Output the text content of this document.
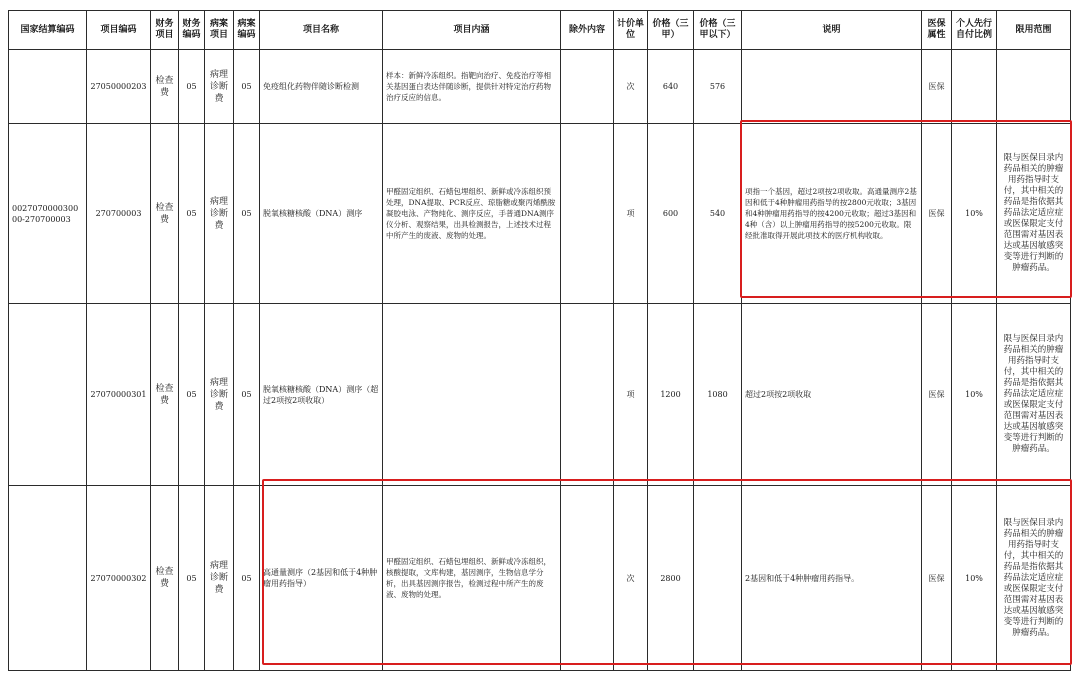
国家结算编码	项目编码	财务项目	财务编码	病案项目	病案编码	项目名称	项目内涵	除外内容	计价单位	价格（三甲）	价格（三甲以下）	说明	医保属性	个人先行自付比例	限用范围
	27050000203	检查费	05	病理诊断费	05	免疫组化药物伴随诊断检测	样本：新鲜冷冻组织。指靶向治疗、免疫治疗等相关基因蛋白表达伴随诊断，提供针对特定治疗药物治疗反应的信息。		次	640	576		医保		
002707000030000-270700003	270700003	检查费	05	病理诊断费	05	脱氧核糖核酸（DNA）测序	甲醛固定组织、石蜡包埋组织、新鲜或冷冻组织预处理，DNA提取、PCR反应、琼脂糖或聚丙烯酰胺凝胶电泳、产物纯化、测序反应，手普通DNA测序仪分析、观察结果，出具检测报告，上述技术过程中所产生的废液、废物的处理。		项	600	540	项指一个基因，超过2项按2项收取。高通量测序2基因和低于4种肿瘤用药指导的按2800元收取；3基因和4种肿瘤用药指导的按4200元收取；超过3基因和4种（含）以上肿瘤用药指导的按5200元收取。限经批准取得开展此项技术的医疗机构收取。	医保	10%	限与医保目录内药品相关的肿瘤用药指导时支付，其中相关的药品是指依据其药品法定适应症或医保限定支付范围需对基因表达或基因敏感突变等进行判断的肿瘤药品。
	27070000301	检查费	05	病理诊断费	05	脱氧核糖核酸（DNA）测序（超过2项按2项收取）			项	1200	1080	超过2项按2项收取	医保	10%	限与医保目录内药品相关的肿瘤用药指导时支付，其中相关的药品是指依据其药品法定适应症或医保限定支付范围需对基因表达或基因敏感突变等进行判断的肿瘤药品。
	27070000302	检查费	05	病理诊断费	05	高通量测序（2基因和低于4种肿瘤用药指导）	甲醛固定组织、石蜡包埋组织、新鲜或冷冻组织，核酸提取，文库构建，基因测序，生物信息学分析，出具基因测序报告，检测过程中所产生的废液、废物的处理。		次	2800		2基因和低于4种肿瘤用药指导。	医保	10%	限与医保目录内药品相关的肿瘤用药指导时支付，其中相关的药品是指依据其药品法定适应症或医保限定支付范围需对基因表达或基因敏感突变等进行判断的肿瘤药品。
